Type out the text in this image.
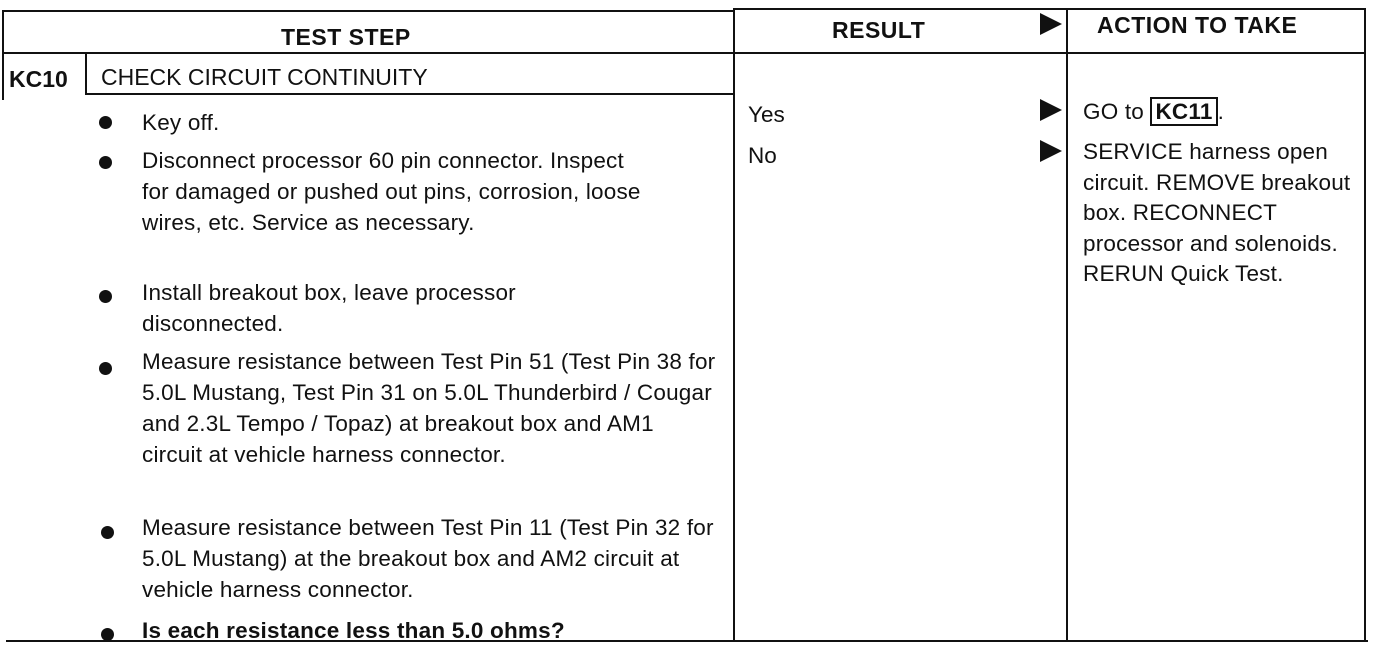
TEST STEP	RESULT	ACTION TO TAKE
KC10 CHECK CIRCUIT CONTINUITY
Key off.
Disconnect processor 60 pin connector. Inspect for damaged or pushed out pins, corrosion, loose wires, etc. Service as necessary.
Install breakout box, leave processor disconnected.
Measure resistance between Test Pin 51 (Test Pin 38 for 5.0L Mustang, Test Pin 31 on 5.0L Thunderbird / Cougar and 2.3L Tempo / Topaz) at breakout box and AM1 circuit at vehicle harness connector.
Measure resistance between Test Pin 11 (Test Pin 32 for 5.0L Mustang) at the breakout box and AM2 circuit at vehicle harness connector.
Is each resistance less than 5.0 ohms?
Yes	GO to KC11 .
No	SERVICE harness open circuit. REMOVE breakout box. RECONNECT processor and solenoids. RERUN Quick Test.
